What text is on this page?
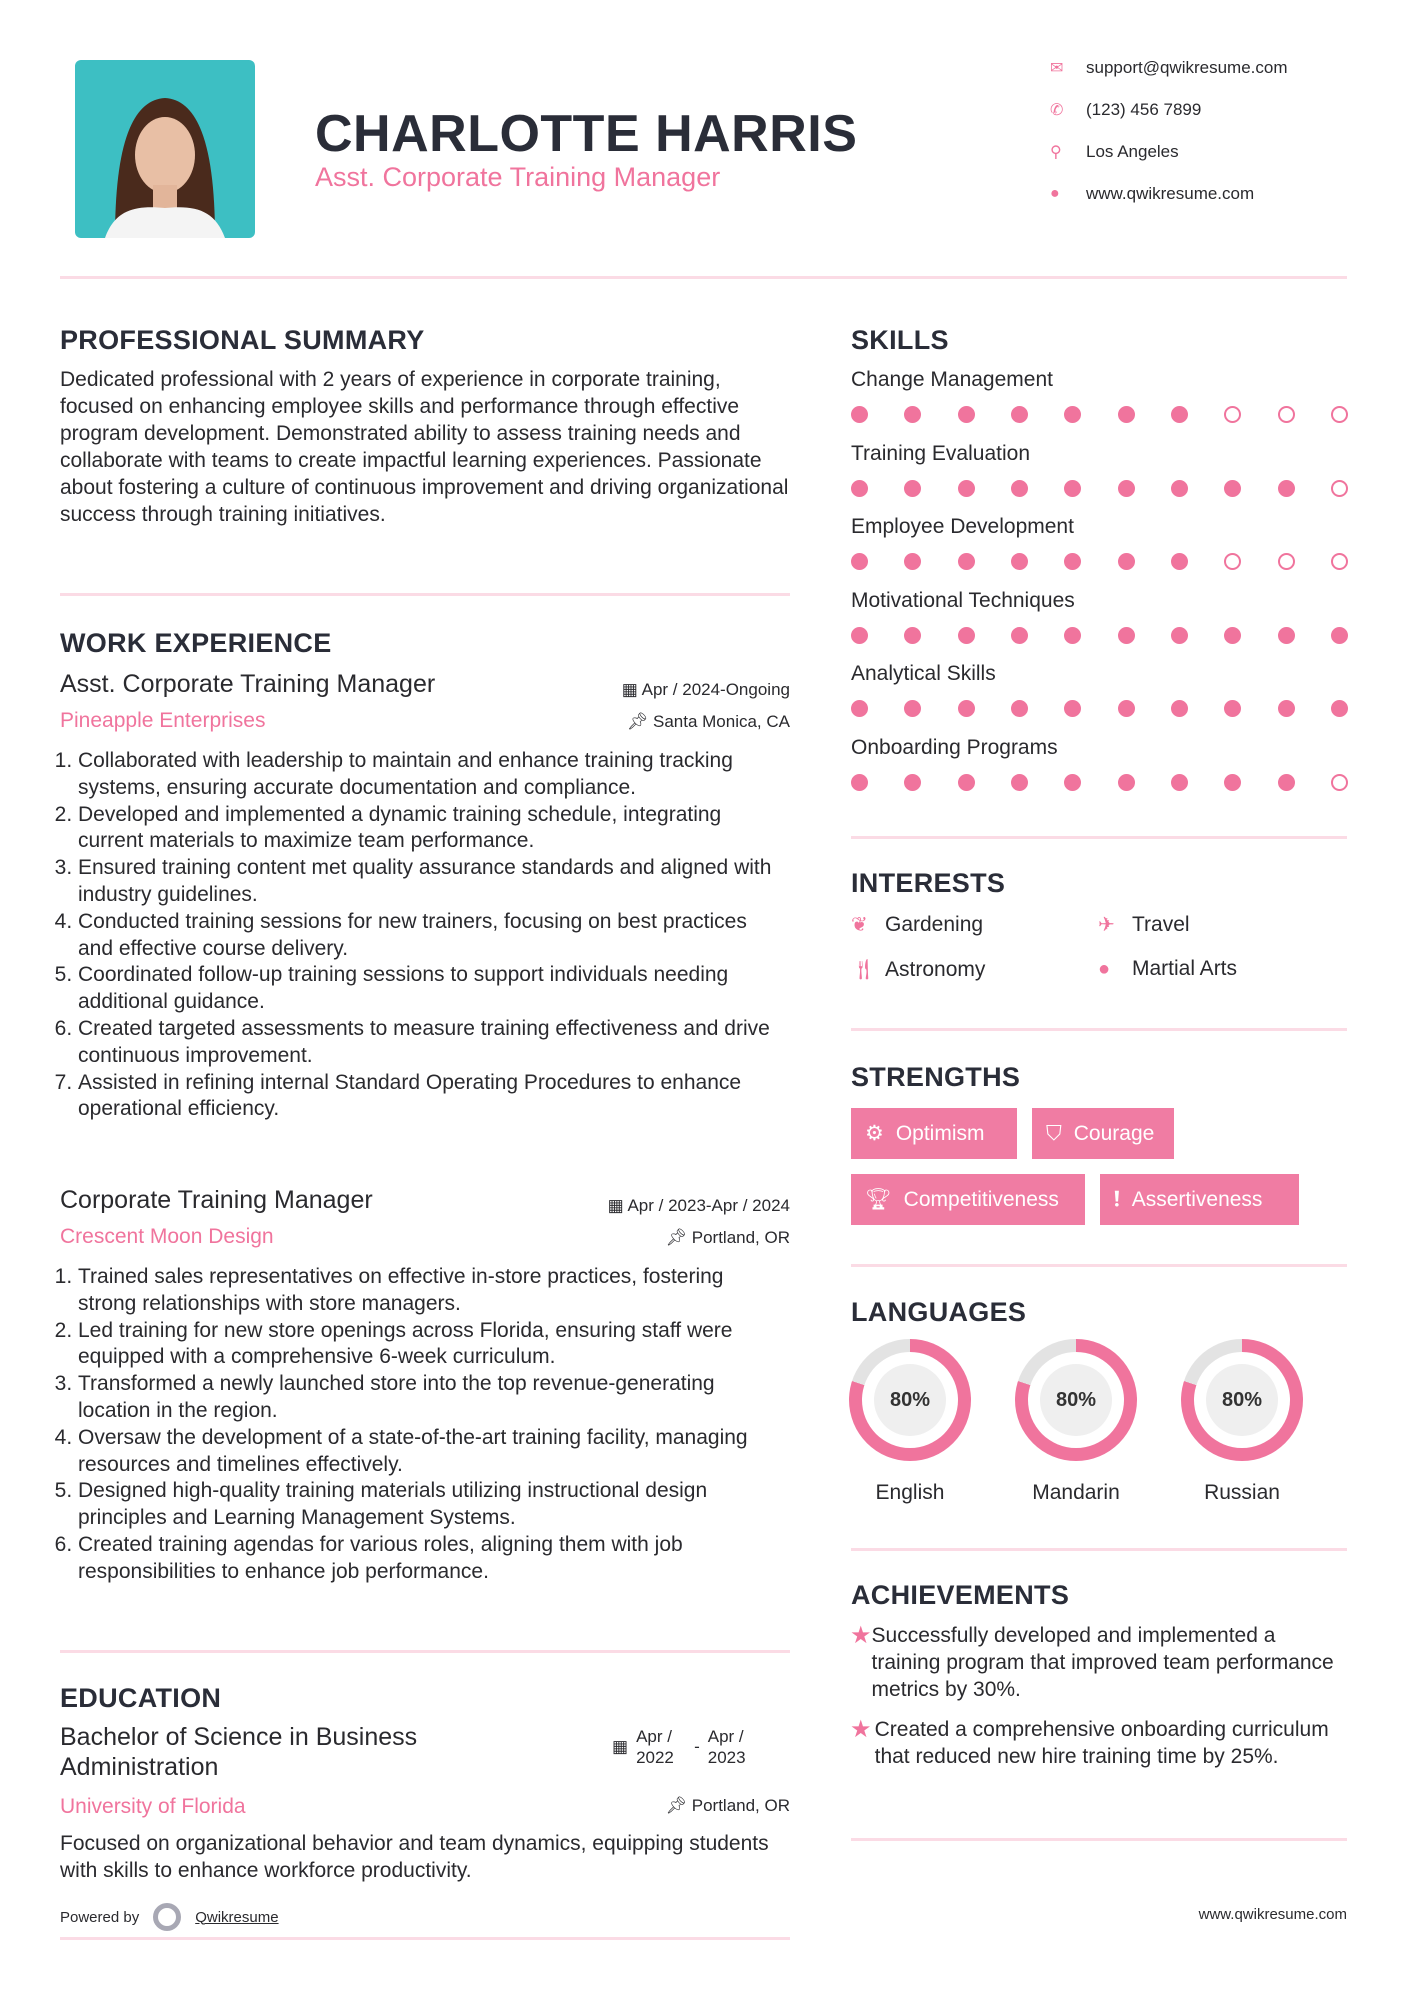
CHARLOTTE HARRIS
Asst. Corporate Training Manager
✉	support@qwikresume.com
✆	(123) 456 7899
⚲	Los Angeles
●	www.qwikresume.com
PROFESSIONAL SUMMARY
Dedicated professional with 2 years of experience in corporate training, focused on enhancing employee skills and performance through effective program development. Demonstrated ability to assess training needs and collaborate with teams to create impactful learning experiences. Passionate about fostering a culture of continuous improvement and driving organizational success through training initiatives.
WORK EXPERIENCE
Asst. Corporate Training Manager
Pineapple Enterprises
▦ Apr / 2024-Ongoing
📌︎ Santa Monica, CA
1. Collaborated with leadership to maintain and enhance training tracking systems, ensuring accurate documentation and compliance.
2. Developed and implemented a dynamic training schedule, integrating current materials to maximize team performance.
3. Ensured training content met quality assurance standards and aligned with industry guidelines.
4. Conducted training sessions for new trainers, focusing on best practices and effective course delivery.
5. Coordinated follow-up training sessions to support individuals needing additional guidance.
6. Created targeted assessments to measure training effectiveness and drive continuous improvement.
7. Assisted in refining internal Standard Operating Procedures to enhance operational efficiency.
Corporate Training Manager
Crescent Moon Design
▦ Apr / 2023-Apr / 2024
📌︎ Portland, OR
1. Trained sales representatives on effective in-store practices, fostering strong relationships with store managers.
2. Led training for new store openings across Florida, ensuring staff were equipped with a comprehensive 6-week curriculum.
3. Transformed a newly launched store into the top revenue-generating location in the region.
4. Oversaw the development of a state-of-the-art training facility, managing resources and timelines effectively.
5. Designed high-quality training materials utilizing instructional design principles and Learning Management Systems.
6. Created training agendas for various roles, aligning them with job responsibilities to enhance job performance.
EDUCATION
Bachelor of Science in Business Administration
▦
Apr / 2022
-
Apr / 2023
University of Florida	📌︎ Portland, OR
Focused on organizational behavior and team dynamics, equipping students with skills to enhance workforce productivity.
Powered by	Qwikresume	www.qwikresume.com
SKILLS
Change Management
Training Evaluation
Employee Development
Motivational Techniques
Analytical Skills
Onboarding Programs
INTERESTS
❦ Gardening	✈ Travel
🍴︎ Astronomy	●	Martial Arts
STRENGTHS
⚙ Optimism	⛉ Courage
🏆︎ Competitiveness	❗︎ Assertiveness
LANGUAGES
80%
English
80%
Mandarin
80%
Russian
ACHIEVEMENTS
★ Successfully developed and implemented a training program that improved team performance metrics by 30%.
★ Created a comprehensive onboarding curriculum that reduced new hire training time by 25%.
